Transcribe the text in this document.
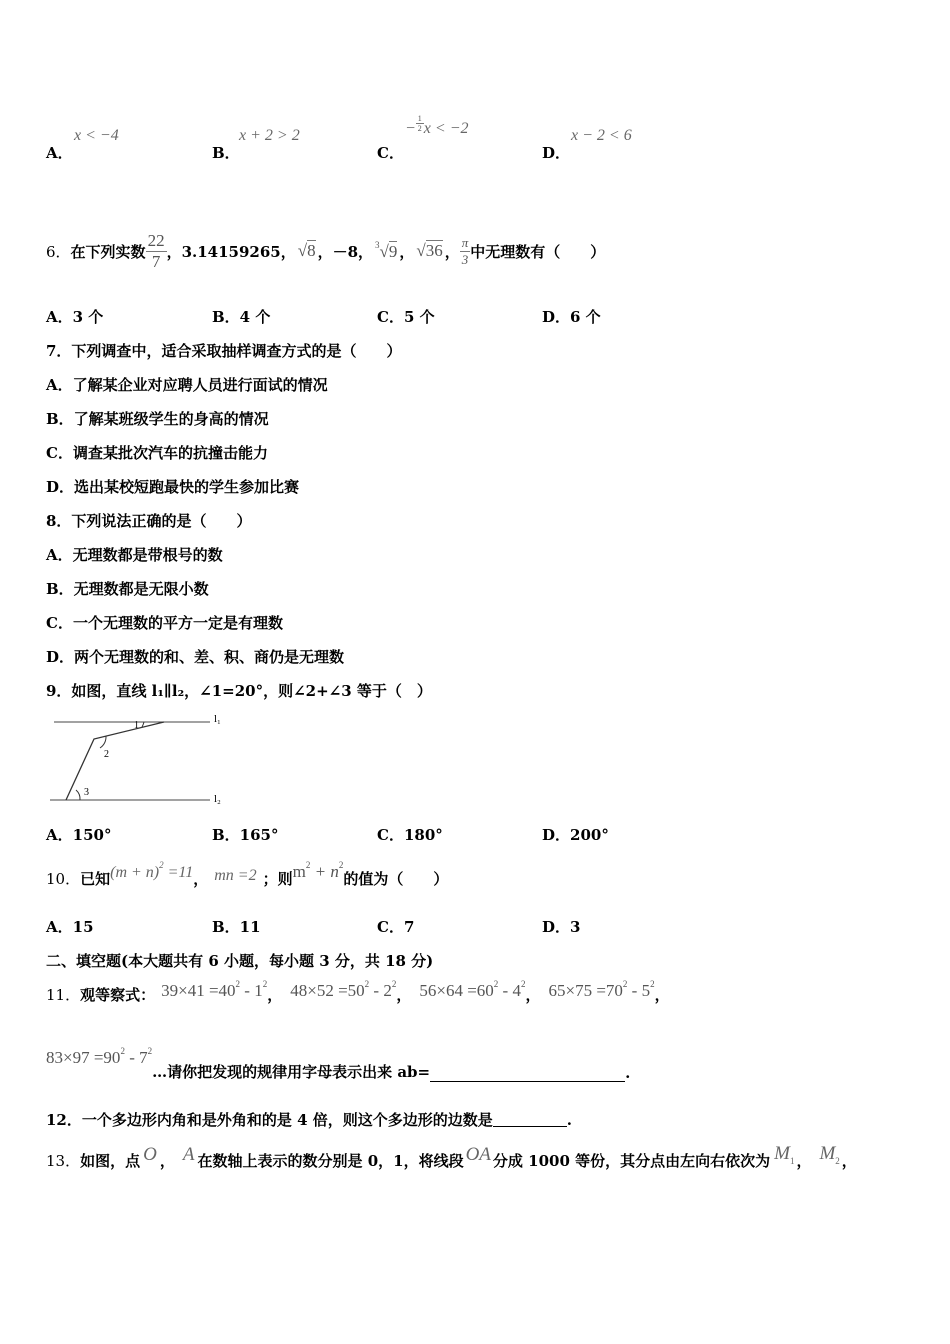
A．
x < −4
B．
x + 2 > 2
C．
− $\frac{1}{2}$ x < −2
D．
x − 2 < 6
6． 在下列实数 $\frac{22}{7}$ ，3.14159265， √8 ，－8， $^3$√9 ， √36 ， $\frac{\pi}{3}$ 中无理数有（　　）
A．3 个	B．4 个	C．5 个	D．6 个
7．下列调查中，适合采取抽样调查方式的是（　　）
A．了解某企业对应聘人员进行面试的情况
B．了解某班级学生的身高的情况
C．调查某批次汽车的抗撞击能力
D．选出某校短跑最快的学生参加比赛
8．下列说法正确的是（　　）
A．无理数都是带根号的数
B．无理数都是无限小数
C．一个无理数的平方一定是有理数
D．两个无理数的和、差、积、商仍是无理数
9．如图，直线 l₁∥l₂，∠1=20°，则∠2+∠3 等于（　）
l₁
l₂
1
2
3
A．150°	B．165°	C．180°	D．200°
10． 已知 $(m + n)^2 =11$ ， mn =2 ；则 $m^2 + n^2$
的值为（　　）
A．15	B．11	C．7	D．3
二、填空题(本大题共有 6 小题，每小题 3 分，共 18 分)
11． 观等察式： $39\times 41 =40^2 - 1^2$
， $48\times 52 =50^2 - 2^2$
， $56\times 64 =60^2 - 4^2$
， $65\times 75 =70^2 - 5^2$
，
$83\times 97 =90^2 - 7^2$
…请你把发现的规律用字母表示出来 ab=	.
12．一个多边形内角和是外角和的是 4 倍，则这个多边形的边数是	.
13． 如图，点 O ， A 在数轴上表示的数分别是 0，1，将线段 OA 分成 1000 等份，其分点由左向右依次为 $M_1$ ， $M_2$ ，
